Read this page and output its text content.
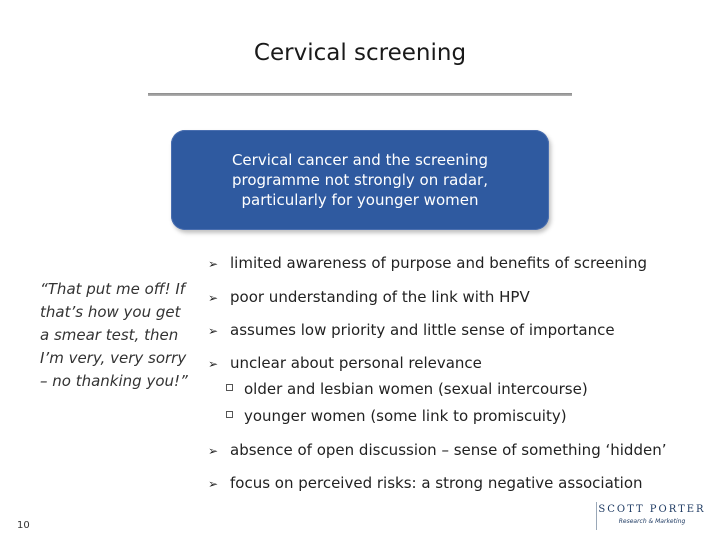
Cervical screening
Cervical cancer and the screening programme not strongly on radar, particularly for younger women
“That put me off! If that’s how you get a smear test, then I’m very, very sorry – no thanking you!”
➢ limited awareness of purpose and benefits of screening
➢ poor understanding of the link with HPV
➢ assumes low priority and little sense of importance
➢ unclear about personal relevance
older and lesbian women (sexual intercourse)
younger women (some link to promiscuity)
➢ absence of open discussion – sense of something ‘hidden’
➢ focus on perceived risks: a strong negative association
10
SCOTT PORTER
Research & Marketing
